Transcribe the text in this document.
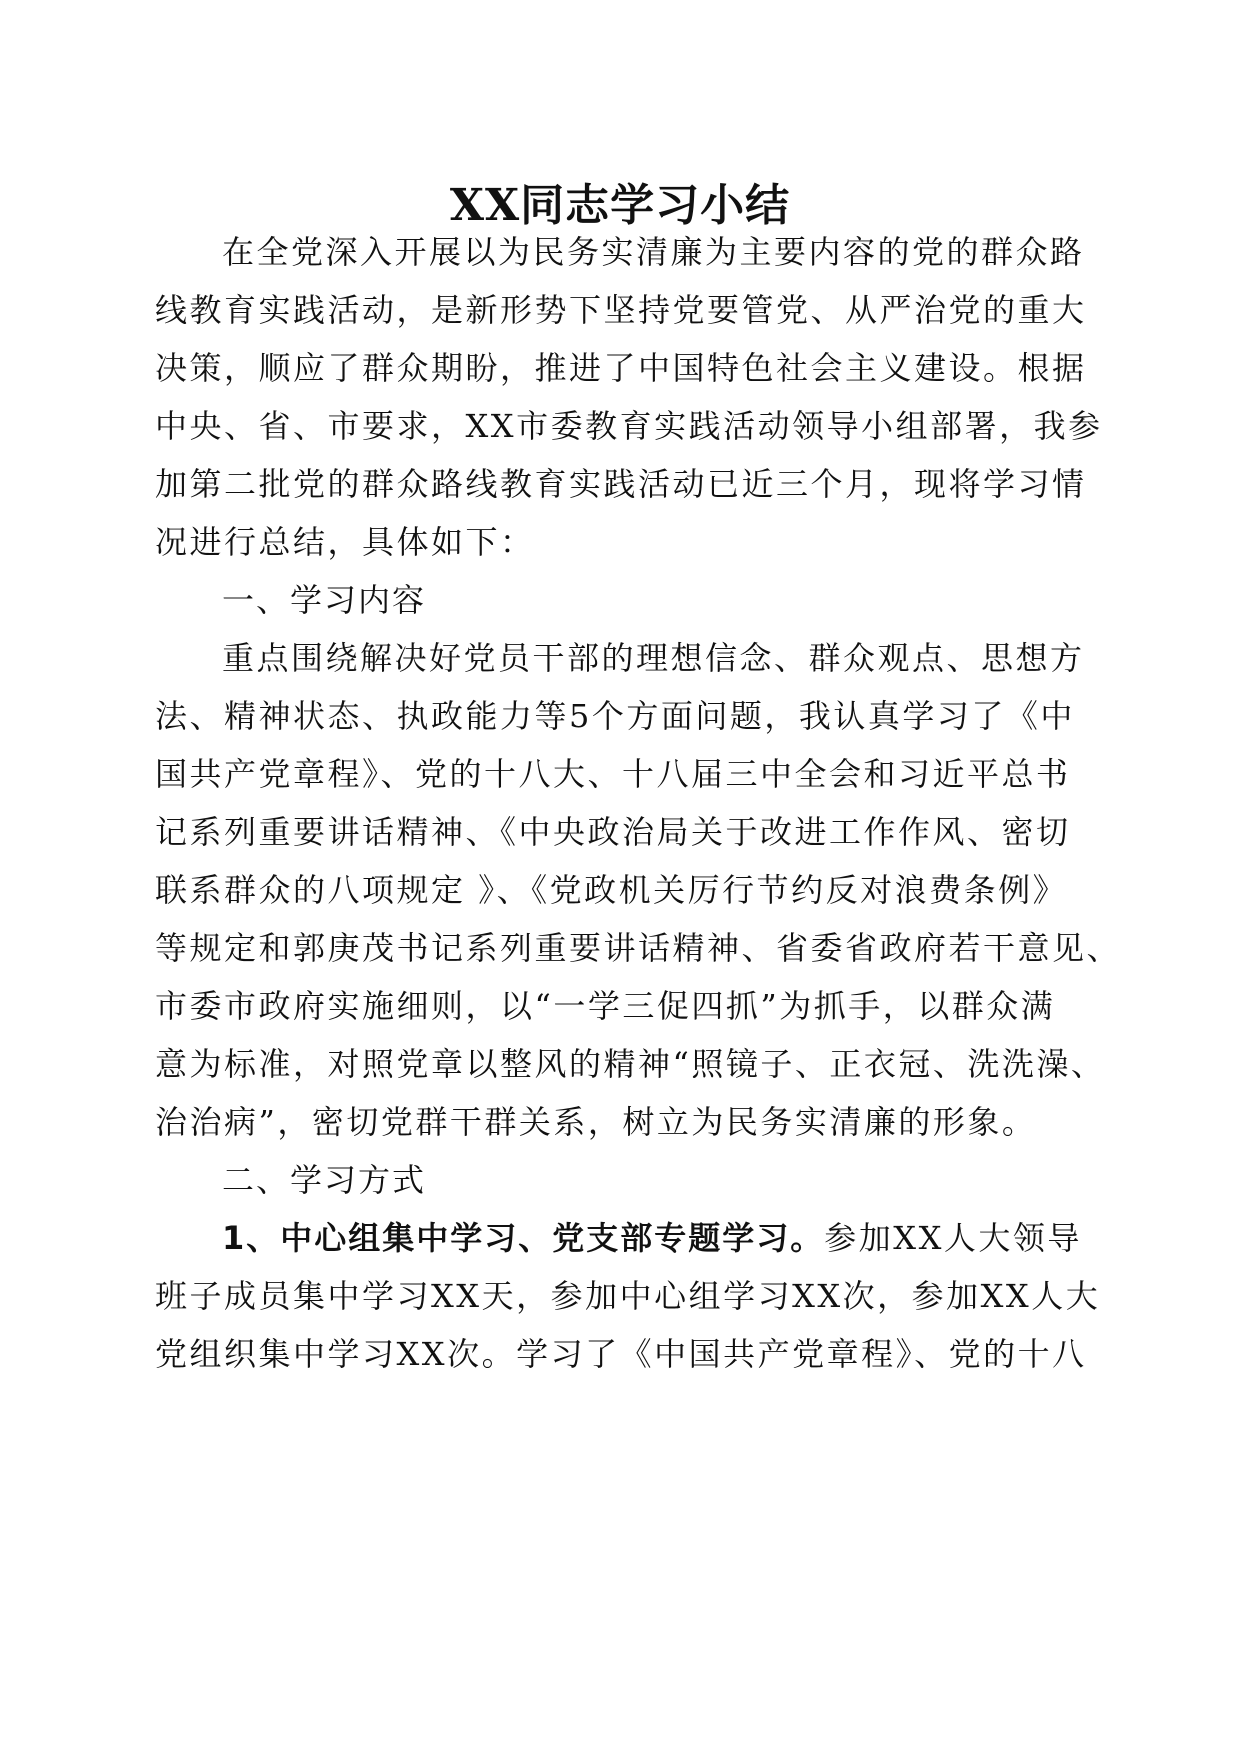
XX同志学习小结

在全党深入开展以为民务实清廉为主要内容的党的群众路

线教育实践活动，是新形势下坚持党要管党、从严治党的重大

决策，顺应了群众期盼，推进了中国特色社会主义建设。根据

中央、省、市要求，XX市委教育实践活动领导小组部署，我参

加第二批党的群众路线教育实践活动已近三个月，现将学习情

况进行总结，具体如下：

一、学习内容

重点围绕解决好党员干部的理想信念、群众观点、思想方

法、精神状态、执政能力等5个方面问题，我认真学习了《中

国共产党章程》、党的十八大、十八届三中全会和习近平总书

记系列重要讲话精神、《中央政治局关于改进工作作风、密切

联系群众的八项规定 》、《党政机关厉行节约反对浪费条例》

等规定和郭庚茂书记系列重要讲话精神、省委省政府若干意见、

市委市政府实施细则，以“一学三促四抓”为抓手，以群众满

意为标准，对照党章以整风的精神“照镜子、正衣冠、洗洗澡、

治治病”，密切党群干群关系，树立为民务实清廉的形象。

二、学习方式

1、中心组集中学习、党支部专题学习。参加XX人大领导

班子成员集中学习XX天，参加中心组学习XX次，参加XX人大

党组织集中学习XX次。学习了《中国共产党章程》、党的十八
